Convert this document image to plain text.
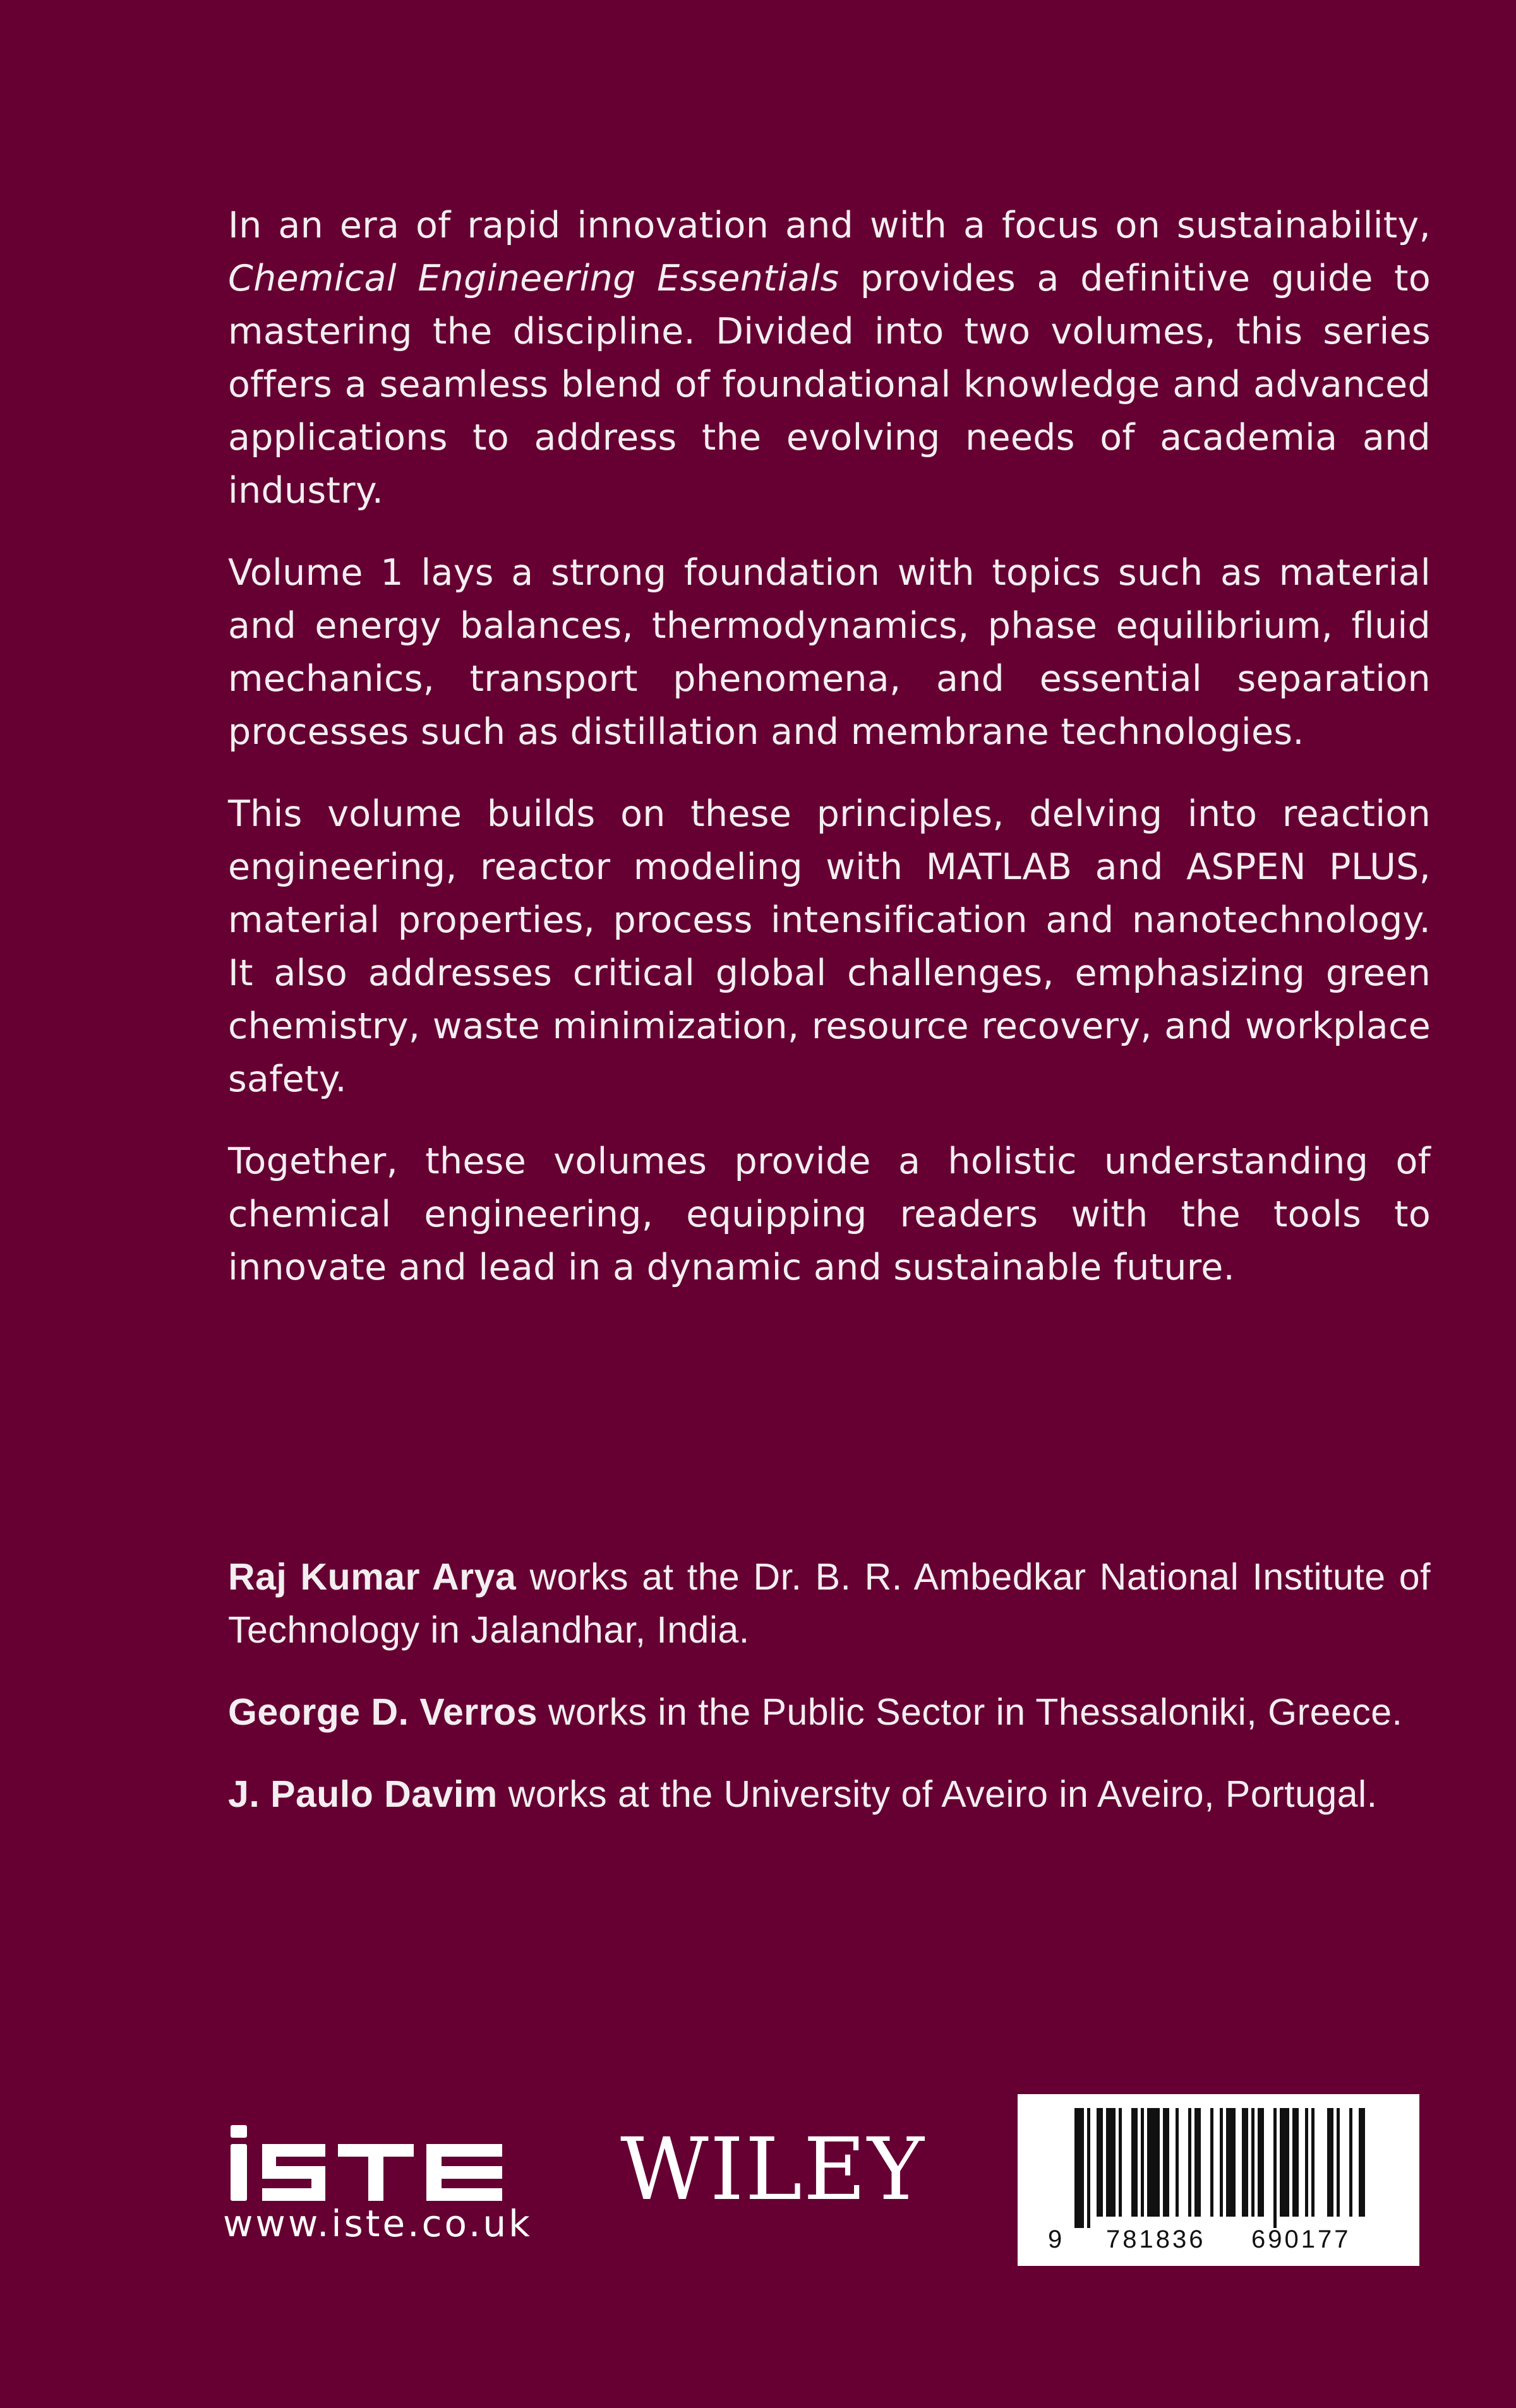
In an era of rapid innovation and with a focus on sustainability, Chemical Engineering Essentials provides a definitive guide to mastering the discipline. Divided into two volumes, this series offers a seamless blend of foundational knowledge and advanced applications to address the evolving needs of academia and industry.

Volume 1 lays a strong foundation with topics such as material and energy balances, thermodynamics, phase equilibrium, fluid mechanics, transport phenomena, and essential separation processes such as distillation and membrane technologies.

This volume builds on these principles, delving into reaction engineering, reactor modeling with MATLAB and ASPEN PLUS, material properties, process intensification and nanotechnology. It also addresses critical global challenges, emphasizing green chemistry, waste minimization, resource recovery, and workplace safety.

Together, these volumes provide a holistic understanding of chemical engineering, equipping readers with the tools to innovate and lead in a dynamic and sustainable future.

Raj Kumar Arya works at the Dr. B. R. Ambedkar National Institute of Technology in Jalandhar, India.

George D. Verros works in the Public Sector in Thessaloniki, Greece.

J. Paulo Davim works at the University of Aveiro in Aveiro, Portugal.

www.iste.co.uk
WILEY
9 781836 690177
